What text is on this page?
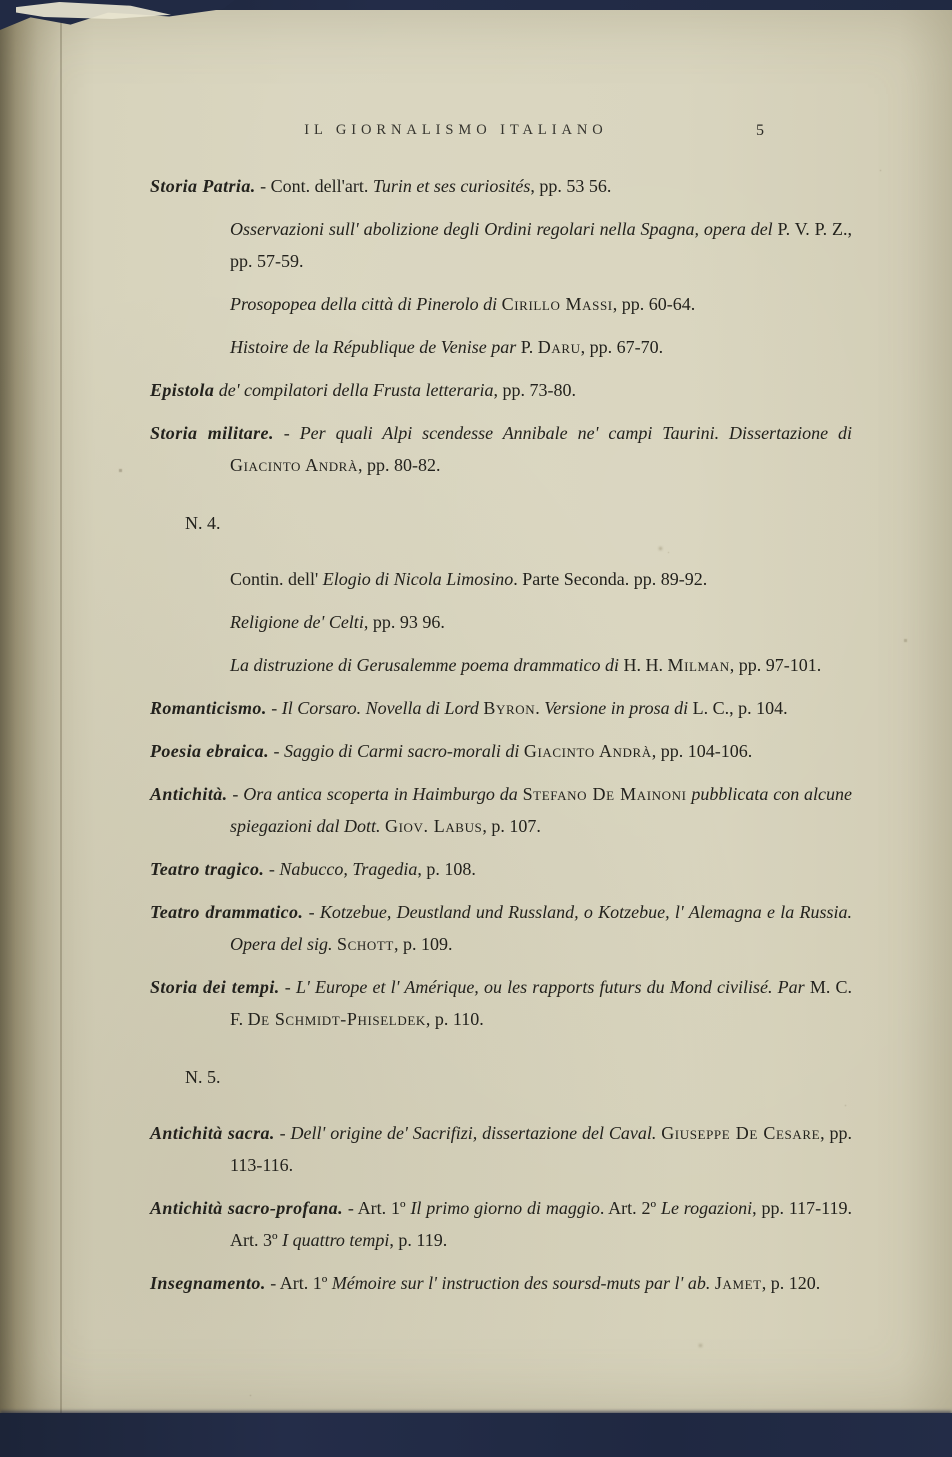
IL GIORNALISMO ITALIANO	5

Storia Patria. - Cont. dell'art. Turin et ses curiosités, pp. 53 56.

Osservazioni sull' abolizione degli Ordini regolari nella Spagna, opera del P. V. P. Z., pp. 57-59.

Prosopopea della città di Pinerolo di Cirillo Massi, pp. 60-64.

Histoire de la République de Venise par P. Daru, pp. 67-70.

Epistola de' compilatori della Frusta letteraria, pp. 73-80.

Storia militare. - Per quali Alpi scendesse Annibale ne' campi Taurini. Dissertazione di Giacinto Andrà, pp. 80-82.

N. 4.

Contin. dell' Elogio di Nicola Limosino. Parte Seconda. pp. 89-92.

Religione de' Celti, pp. 93 96.

La distruzione di Gerusalemme poema drammatico di H. H. Milman, pp. 97-101.

Romanticismo. - Il Corsaro. Novella di Lord Byron. Versione in prosa di L. C., p. 104.

Poesia ebraica. - Saggio di Carmi sacro-morali di Giacinto Andrà, pp. 104-106.

Antichità. - Ora antica scoperta in Haimburgo da Stefano De Mainoni pubblicata con alcune spiegazioni dal Dott. Giov. Labus, p. 107.

Teatro tragico. - Nabucco, Tragedia, p. 108.

Teatro drammatico. - Kotzebue, Deustland und Russland, o Kotzebue, l' Alemagna e la Russia. Opera del sig. Schott, p. 109.

Storia dei tempi. - L' Europe et l' Amérique, ou les rapports futurs du Mond civilisé. Par M. C. F. De Schmidt-Phiseldek, p. 110.

N. 5.

Antichità sacra. - Dell' origine de' Sacrifizi, dissertazione del Caval. Giuseppe De Cesare, pp. 113-116.

Antichità sacro-profana. - Art. 1º Il primo giorno di maggio. Art. 2º Le rogazioni, pp. 117-119. Art. 3º I quattro tempi, p. 119.

Insegnamento. - Art. 1º Mémoire sur l' instruction des soursd-muts par l' ab. Jamet, p. 120.
